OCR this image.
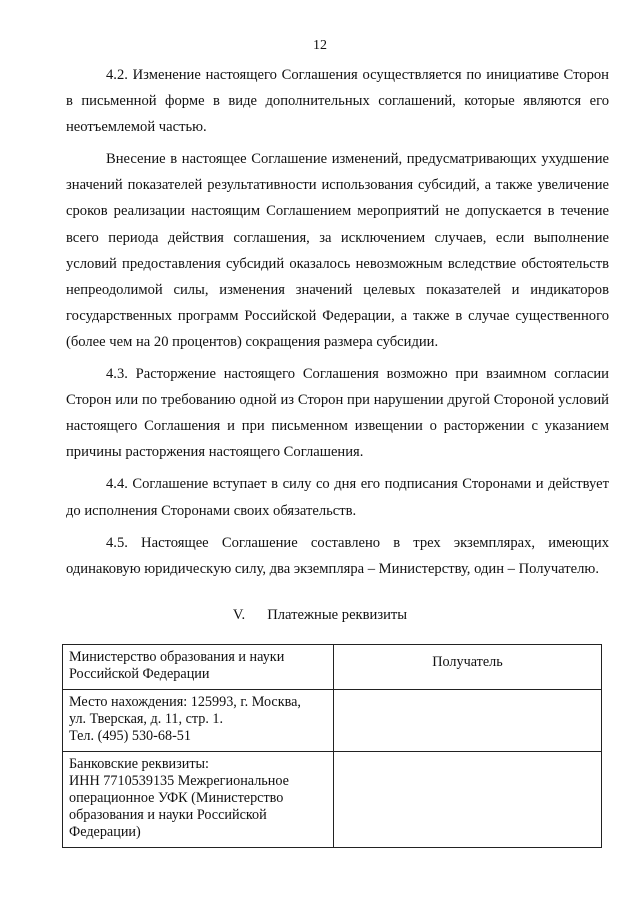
12

4.2. Изменение настоящего Соглашения осуществляется по инициативе Сторон в письменной форме в виде дополнительных соглашений, которые являются его неотъемлемой частью.

Внесение в настоящее Соглашение изменений, предусматривающих ухудшение значений показателей результативности использования субсидий, а также увеличение сроков реализации настоящим Соглашением мероприятий не допускается в течение всего периода действия соглашения, за исключением случаев, если выполнение условий предоставления субсидий оказалось невозможным вследствие обстоятельств непреодолимой силы, изменения значений целевых показателей и индикаторов государственных программ Российской Федерации, а также в случае существенного (более чем на 20 процентов) сокращения размера субсидии.

4.3. Расторжение настоящего Соглашения возможно при взаимном согласии Сторон или по требованию одной из Сторон при нарушении другой Стороной условий настоящего Соглашения и при письменном извещении о расторжении с указанием причины расторжения настоящего Соглашения.

4.4. Соглашение вступает в силу со дня его подписания Сторонами и действует до исполнения Сторонами своих обязательств.

4.5. Настоящее Соглашение составлено в трех экземплярах, имеющих одинаковую юридическую силу, два экземпляра – Министерству, один – Получателю.

V. Платежные реквизиты
Министерство образования и науки Российской Федерации	Получатель

Место нахождения: 125993, г. Москва,
ул. Тверская, д. 11, стр. 1.
Тел. (495) 530-68-51	

Банковские реквизиты:
ИНН 7710539135 Межрегиональное
операционное УФК (Министерство
образования и науки Российской
Федерации)	
